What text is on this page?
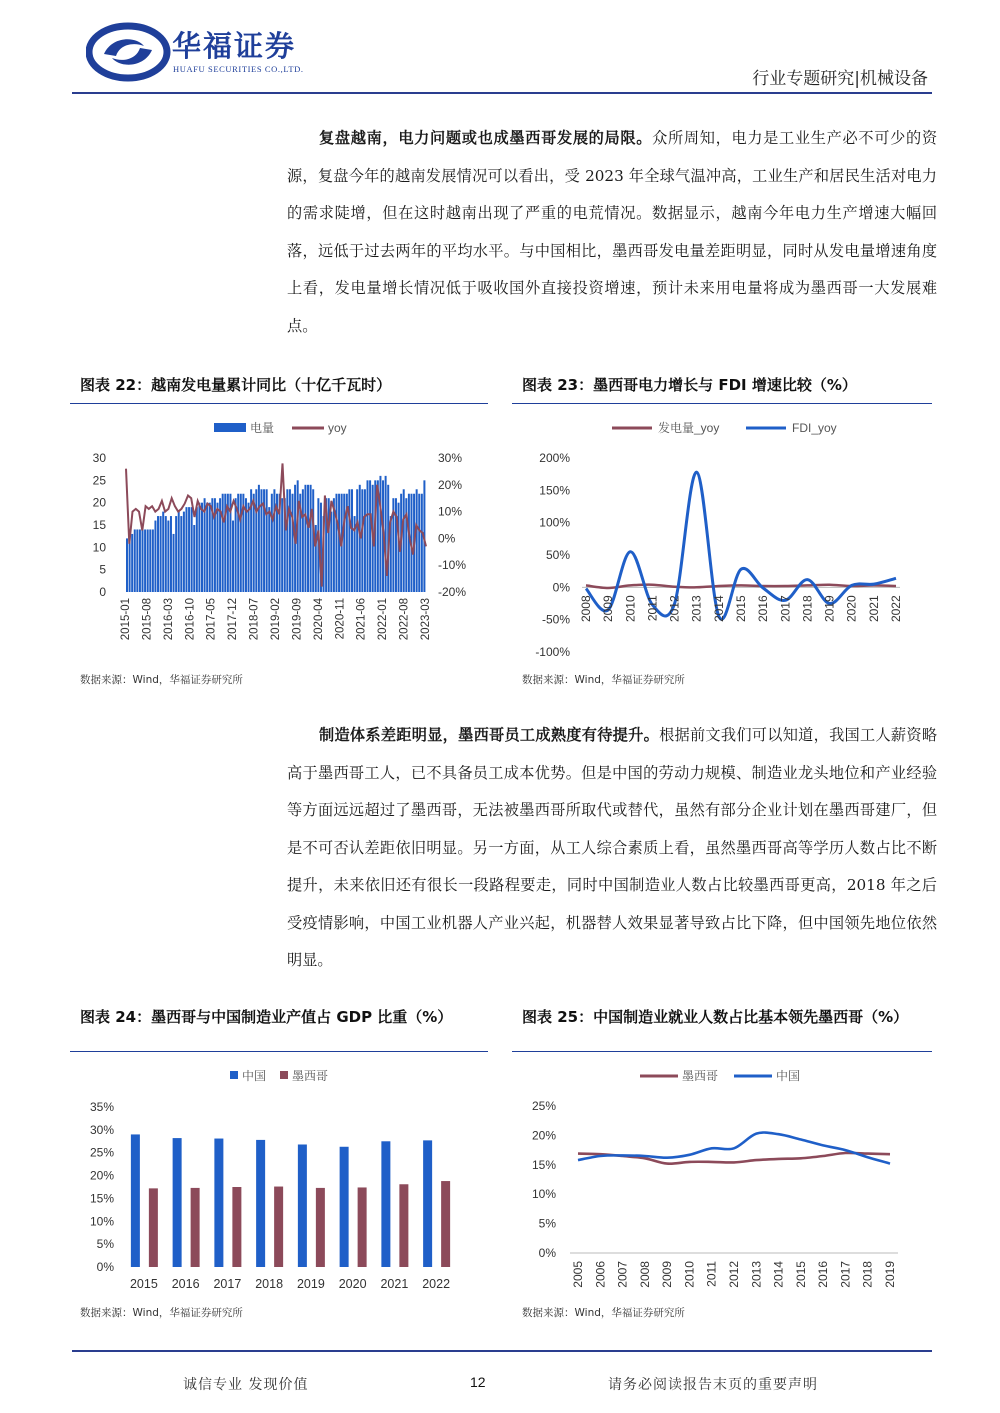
华福证券
HUAFU SECURITIES CO.,LTD.	行业专题研究|机械设备

复盘越南，电力问题或也成墨西哥发展的局限。众所周知，电力是工业生产必不可少的资源，复盘今年的越南发展情况可以看出，受 2023 年全球气温冲高，工业生产和居民生活对电力的需求陡增，但在这时越南出现了严重的电荒情况。数据显示，越南今年电力生产增速大幅回落，远低于过去两年的平均水平。与中国相比，墨西哥发电量差距明显，同时从发电量增速角度上看，发电量增长情况低于吸收国外直接投资增速，预计未来用电量将成为墨西哥一大发展难点。

图表 22：越南发电量累计同比（十亿千瓦时）	图表 23：墨西哥电力增长与 FDI 增速比较（%）
电量	yoy
30
25
20
15
10
5
0
30%
20%
10%
0%
-10%
-20%
2015-01 2015-08 2016-03 2016-10 2017-05 2017-12 2018-07 2019-02 2019-09 2020-04 2020-11 2021-06 2022-01 2022-08 2023-03
发电量_yoy	FDI_yoy
200%
150%
100%
50%
0%
-50%
-100%
2008 2009 2010 2011 2012 2013 2014 2015 2016 2017 2018 2019 2020 2021 2022
数据来源：Wind，华福证券研究所	数据来源：Wind，华福证券研究所

制造体系差距明显，墨西哥员工成熟度有待提升。根据前文我们可以知道，我国工人薪资略高于墨西哥工人，已不具备员工成本优势。但是中国的劳动力规模、制造业龙头地位和产业经验等方面远远超过了墨西哥，无法被墨西哥所取代或替代，虽然有部分企业计划在墨西哥建厂，但是不可否认差距依旧明显。另一方面，从工人综合素质上看，虽然墨西哥高等学历人数占比不断提升，未来依旧还有很长一段路程要走，同时中国制造业人数占比较墨西哥更高，2018 年之后受疫情影响，中国工业机器人产业兴起，机器替人效果显著导致占比下降，但中国领先地位依然明显。

图表 24：墨西哥与中国制造业产值占 GDP 比重（%）	图表 25：中国制造业就业人数占比基本领先墨西哥（%）
中国 墨西哥
35%
30%
25%
20%
15%
10%
5%
0%
2015 2016 2017 2018 2019 2020 2021 2022
墨西哥	中国
25%
20%
15%
10%
5%
0%
2005 2006 2007 2008 2009 2010 2011 2012 2013 2014 2015 2016 2017 2018 2019
数据来源：Wind，华福证券研究所	数据来源：Wind，华福证券研究所
诚信专业 发现价值	12	请务必阅读报告末页的重要声明
